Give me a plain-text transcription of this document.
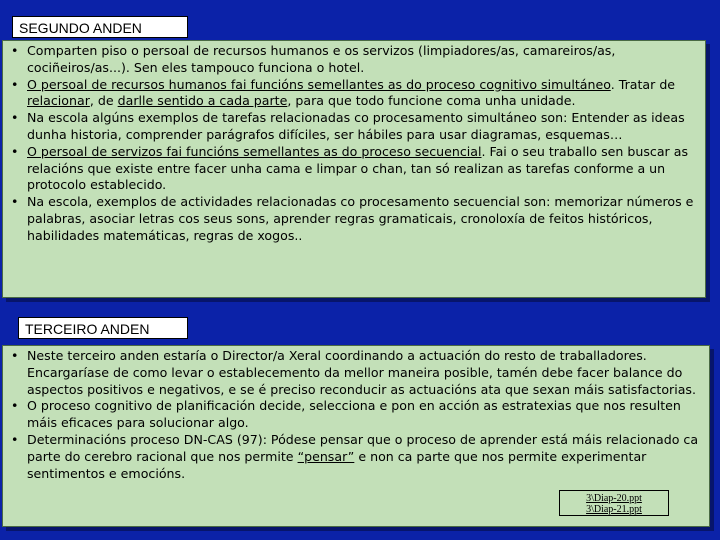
SEGUNDO ANDEN
• Comparten piso o persoal de recursos humanos e os servizos (limpiadores/as, camareiros/as, cociñeiros/as...). Sen eles tampouco funciona o hotel.
• O persoal de recursos humanos fai funcións semellantes as do proceso cognitivo simultáneo. Tratar de relacionar, de darlle sentido a cada parte, para que todo funcione coma unha unidade.
• Na escola algúns exemplos de tarefas relacionadas co procesamento simultáneo son: Entender as ideas dunha historia, comprender parágrafos difíciles, ser hábiles para usar diagramas, esquemas…
• O persoal de servizos fai funcións semellantes as do proceso secuencial. Fai o seu traballo sen buscar as relacións que existe entre facer unha cama e limpar o chan, tan só realizan as tarefas conforme a un protocolo establecido.
• Na escola, exemplos de actividades relacionadas co procesamento secuencial son: memorizar números e palabras, asociar letras cos seus sons, aprender regras gramaticais, cronoloxía de feitos históricos, habilidades matemáticas, regras de xogos..
TERCEIRO ANDEN
• Neste terceiro anden estaría o Director/a Xeral coordinando a actuación do resto de traballadores. Encargaríase de como levar o establecemento da mellor maneira posible, tamén debe facer balance do aspectos positivos e negativos, e se é preciso reconducir as actuacións ata que sexan máis satisfactorias.
• O proceso cognitivo de planificación decide, selecciona e pon en acción as estratexias que nos resulten máis eficaces para solucionar algo.
• Determinacións proceso DN-CAS (97): Pódese pensar que o proceso de aprender está máis relacionado ca parte do cerebro racional que nos permite “pensar” e non ca parte que nos permite experimentar sentimentos e emocións.
3\Diap-20.ppt
3\Diap-21.ppt
